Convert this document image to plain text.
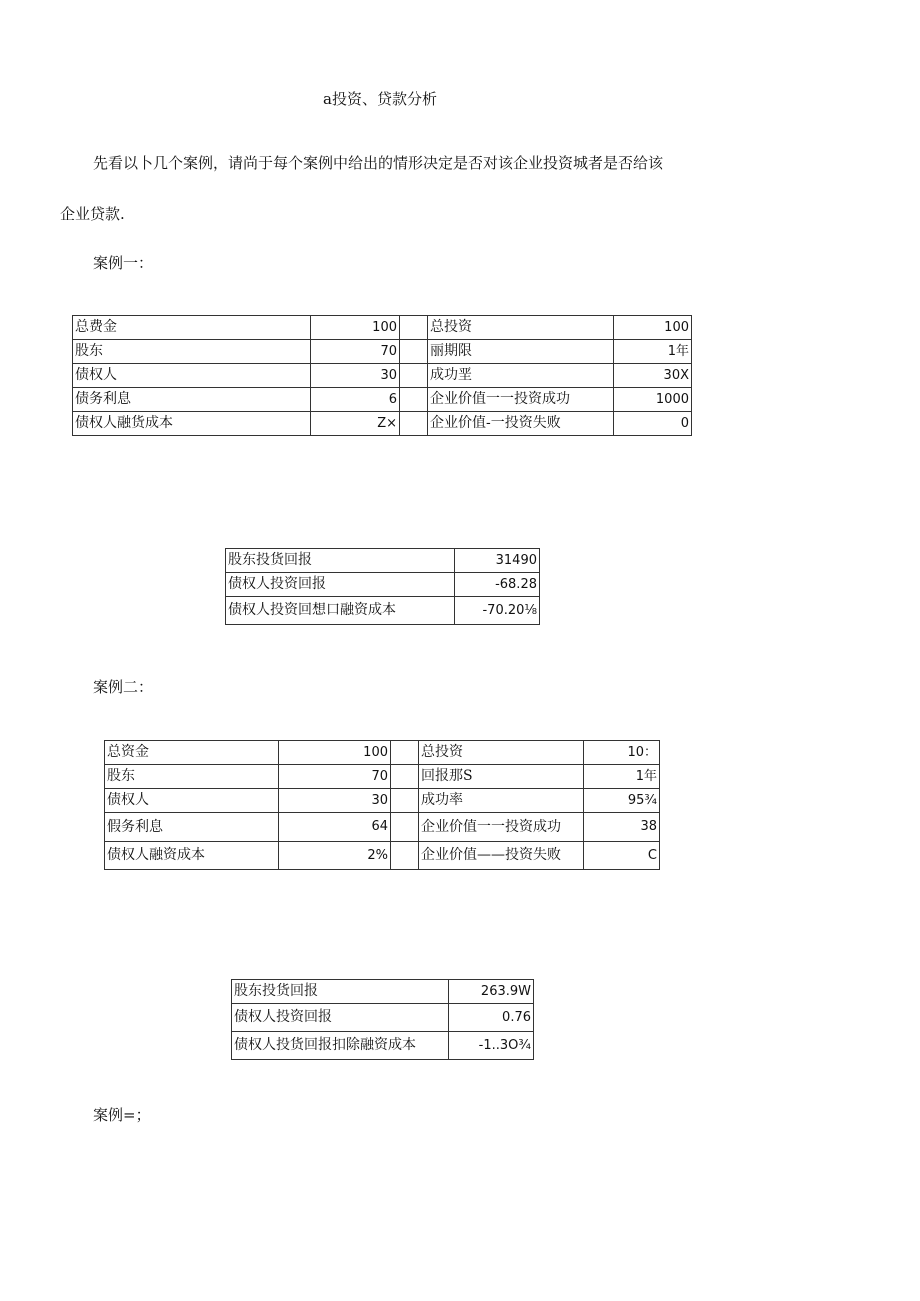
a投资、贷款分析
先看以卜几个案例，请尚于每个案例中给出的情形决定是否对该企业投资城者是否给该
企业贷款.
案例一：
总费金	100		总投资	100
股东	70		丽期限	1年
债权人	30		成功垩	30X
债务利息	6		企业价值一一投资成功	1000
债权人融货成本	Z×		企业价值-一投资失败	0
股东投货回报	31490
债权人投资回报	-68.28
债权人投资回想口融资成本	-70.20⅛
案例二：
总资金	100		总投资	10：
股东	70		回报那S	1年
债权人	30		成功率	95¾
假务利息	64		企业价值一一投资成功	38
债权人融资成本	2%		企业价值——投资失败	C
股东投货回报	263.9W
债权人投资回报	0.76
债权人投货回报扣除融资成本	-1..3O¾
案例=；
